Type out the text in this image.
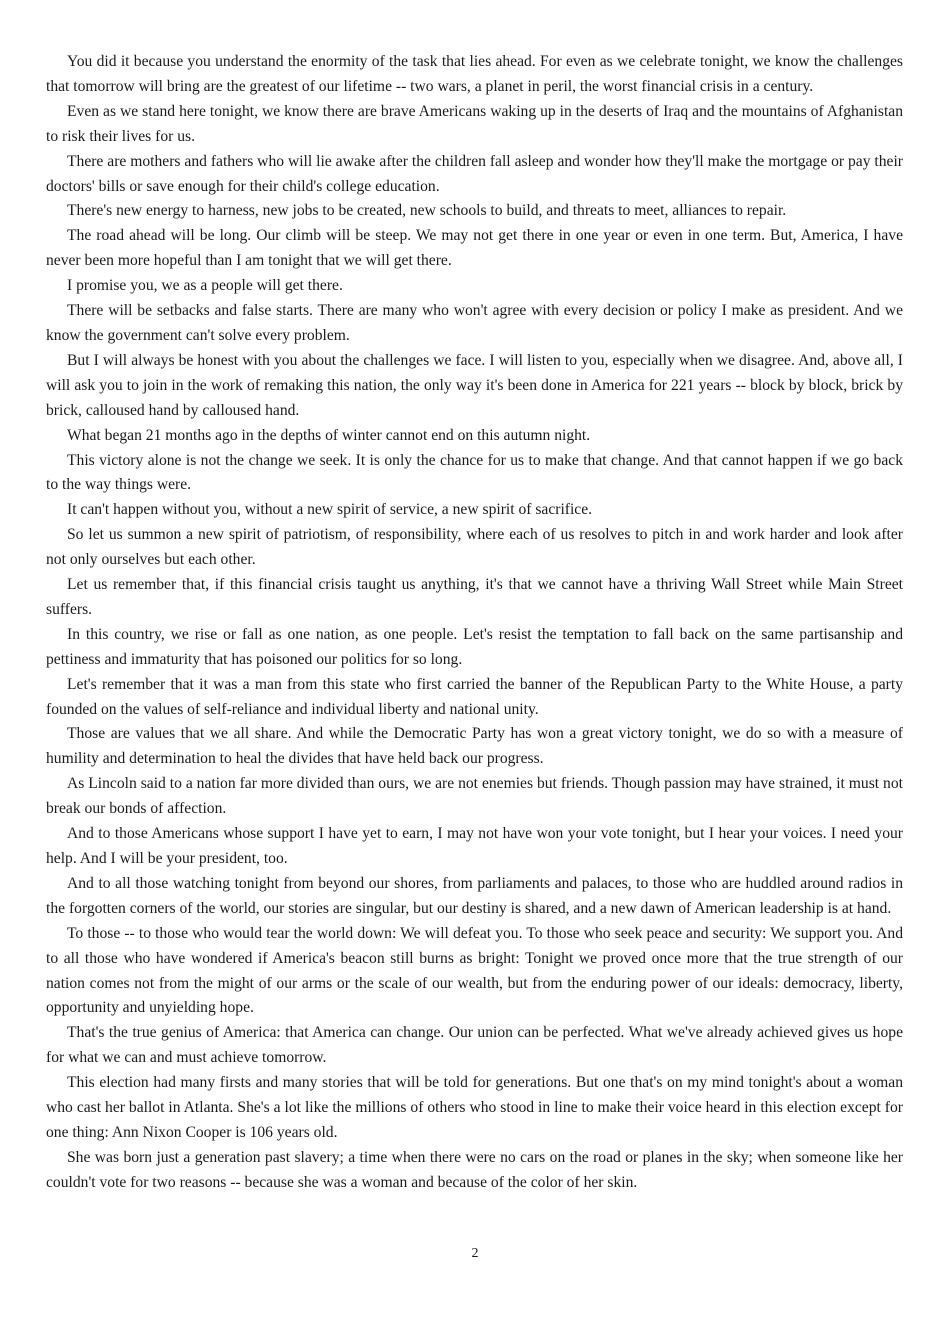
You did it because you understand the enormity of the task that lies ahead. For even as we celebrate tonight, we know the challenges that tomorrow will bring are the greatest of our lifetime -- two wars, a planet in peril, the worst financial crisis in a century.

Even as we stand here tonight, we know there are brave Americans waking up in the deserts of Iraq and the mountains of Afghanistan to risk their lives for us.

There are mothers and fathers who will lie awake after the children fall asleep and wonder how they'll make the mortgage or pay their doctors' bills or save enough for their child's college education.

There's new energy to harness, new jobs to be created, new schools to build, and threats to meet, alliances to repair.

The road ahead will be long. Our climb will be steep. We may not get there in one year or even in one term. But, America, I have never been more hopeful than I am tonight that we will get there.

I promise you, we as a people will get there.

There will be setbacks and false starts. There are many who won't agree with every decision or policy I make as president. And we know the government can't solve every problem.

But I will always be honest with you about the challenges we face. I will listen to you, especially when we disagree. And, above all, I will ask you to join in the work of remaking this nation, the only way it's been done in America for 221 years -- block by block, brick by brick, calloused hand by calloused hand.

What began 21 months ago in the depths of winter cannot end on this autumn night.

This victory alone is not the change we seek. It is only the chance for us to make that change. And that cannot happen if we go back to the way things were.

It can't happen without you, without a new spirit of service, a new spirit of sacrifice.

So let us summon a new spirit of patriotism, of responsibility, where each of us resolves to pitch in and work harder and look after not only ourselves but each other.

Let us remember that, if this financial crisis taught us anything, it's that we cannot have a thriving Wall Street while Main Street suffers.

In this country, we rise or fall as one nation, as one people. Let's resist the temptation to fall back on the same partisanship and pettiness and immaturity that has poisoned our politics for so long.

Let's remember that it was a man from this state who first carried the banner of the Republican Party to the White House, a party founded on the values of self-reliance and individual liberty and national unity.

Those are values that we all share. And while the Democratic Party has won a great victory tonight, we do so with a measure of humility and determination to heal the divides that have held back our progress.

As Lincoln said to a nation far more divided than ours, we are not enemies but friends. Though passion may have strained, it must not break our bonds of affection.

And to those Americans whose support I have yet to earn, I may not have won your vote tonight, but I hear your voices. I need your help. And I will be your president, too.

And to all those watching tonight from beyond our shores, from parliaments and palaces, to those who are huddled around radios in the forgotten corners of the world, our stories are singular, but our destiny is shared, and a new dawn of American leadership is at hand.

To those -- to those who would tear the world down: We will defeat you. To those who seek peace and security: We support you. And to all those who have wondered if America's beacon still burns as bright: Tonight we proved once more that the true strength of our nation comes not from the might of our arms or the scale of our wealth, but from the enduring power of our ideals: democracy, liberty, opportunity and unyielding hope.

That's the true genius of America: that America can change. Our union can be perfected. What we've already achieved gives us hope for what we can and must achieve tomorrow.

This election had many firsts and many stories that will be told for generations. But one that's on my mind tonight's about a woman who cast her ballot in Atlanta. She's a lot like the millions of others who stood in line to make their voice heard in this election except for one thing: Ann Nixon Cooper is 106 years old.

She was born just a generation past slavery; a time when there were no cars on the road or planes in the sky; when someone like her couldn't vote for two reasons -- because she was a woman and because of the color of her skin.

2
